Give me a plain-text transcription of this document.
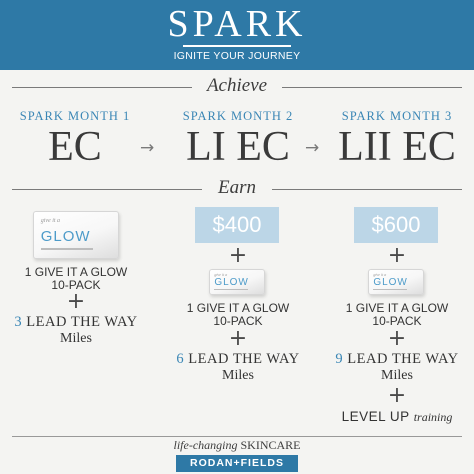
SPARK
IGNITE YOUR JOURNEY
Achieve
SPARK MONTH 1	SPARK MONTH 2	SPARK MONTH 3
EC	→ LI EC → LII EC
Earn
give it a
GLOW
1 GIVE IT A GLOW
10-PACK
+
3 LEAD THE WAY
Miles
$400
+
give it a
GLOW
1 GIVE IT A GLOW
10-PACK
+
6 LEAD THE WAY
Miles
$600
+
give it a
GLOW
1 GIVE IT A GLOW
10-PACK
+
9 LEAD THE WAY
Miles
+
LEVEL UP training
life-changing SKINCARE
RODAN+FIELDS
